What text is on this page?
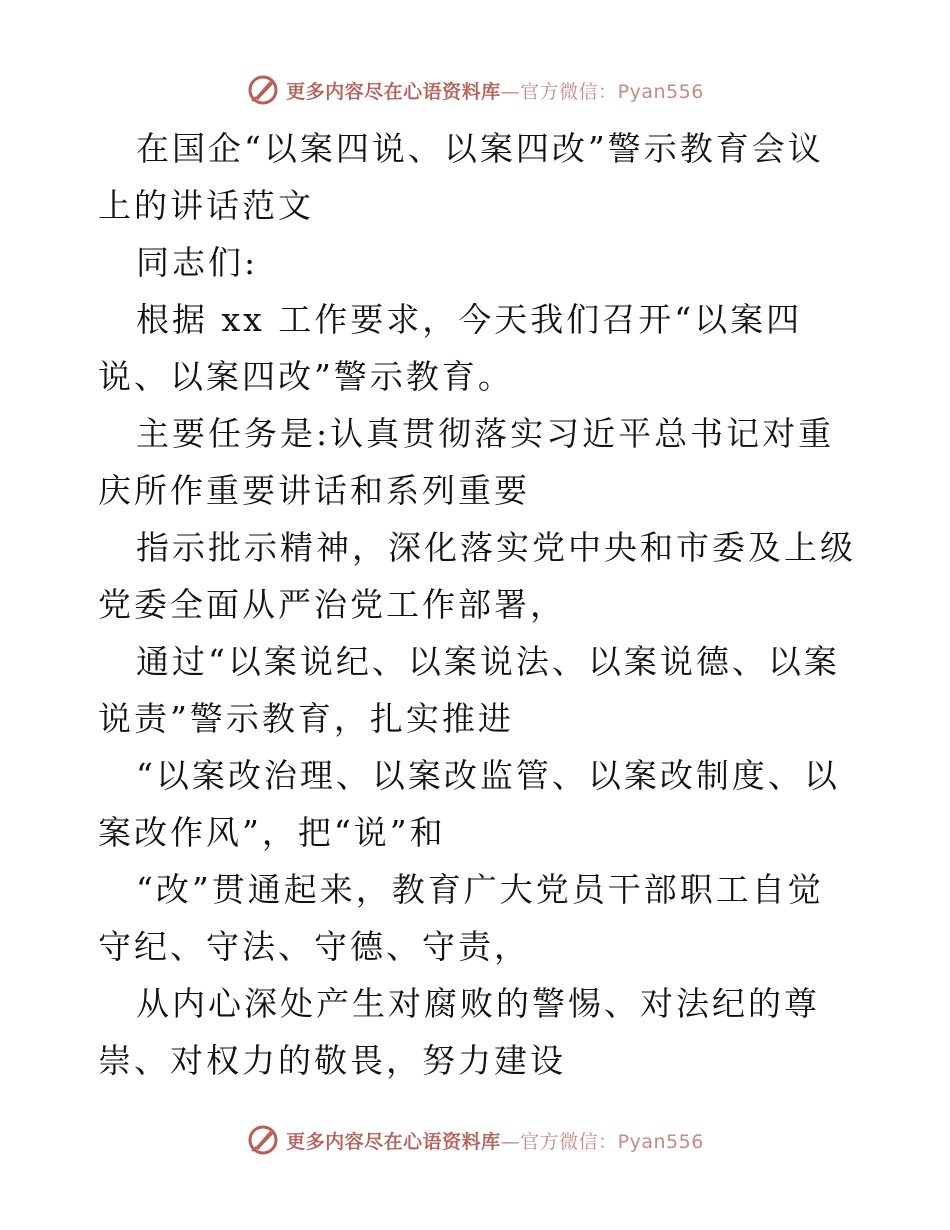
更多内容尽在心语资料库—官方微信：Pyan556

在国企“以案四说、以案四改”警示教育会议上的讲话范文

同志们:

根据 xx 工作要求，今天我们召开“以案四说、以案四改”警示教育。

主要任务是:认真贯彻落实习近平总书记对重庆所作重要讲话和系列重要

指示批示精神，深化落实党中央和市委及上级党委全面从严治党工作部署，

通过“以案说纪、以案说法、以案说德、以案说责”警示教育，扎实推进

“以案改治理、以案改监管、以案改制度、以案改作风”，把“说”和

“改”贯通起来，教育广大党员干部职工自觉守纪、守法、守德、守责，

从内心深处产生对腐败的警惕、对法纪的尊崇、对权力的敬畏，努力建设

更多内容尽在心语资料库—官方微信：Pyan556
